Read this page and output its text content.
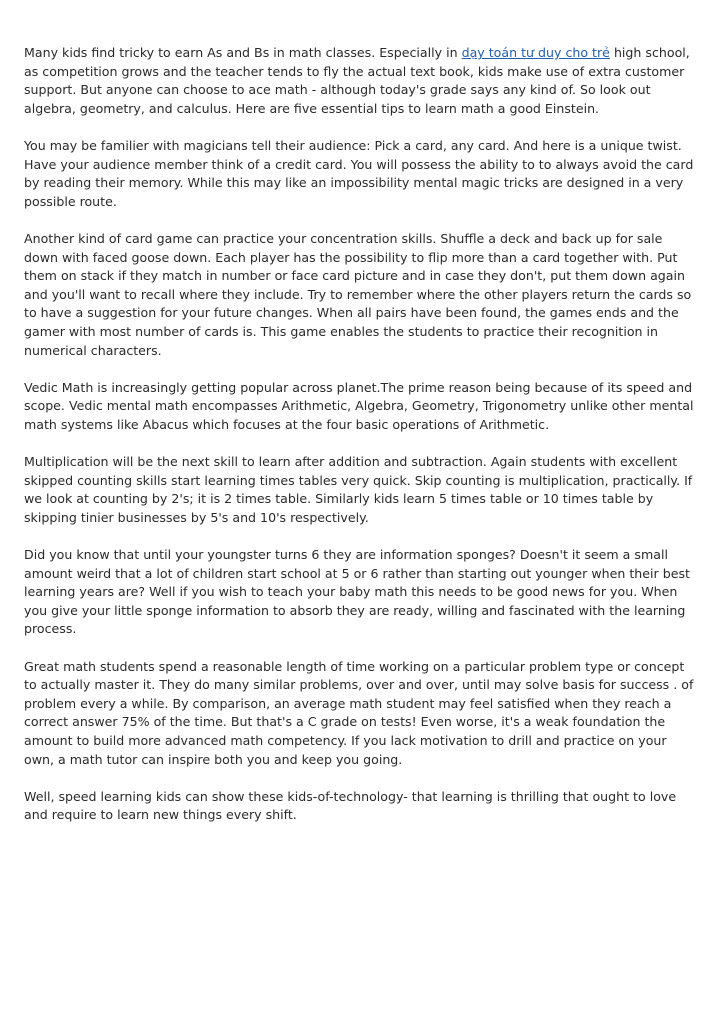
Many kids find tricky to earn As and Bs in math classes. Especially in dạy toán tư duy cho trẻ high school, as competition grows and the teacher tends to fly the actual text book, kids make use of extra customer support. But anyone can choose to ace math - although today's grade says any kind of. So look out algebra, geometry, and calculus. Here are five essential tips to learn math a good Einstein.

You may be familier with magicians tell their audience: Pick a card, any card. And here is a unique twist. Have your audience member think of a credit card. You will possess the ability to to always avoid the card by reading their memory. While this may like an impossibility mental magic tricks are designed in a very possible route.

Another kind of card game can practice your concentration skills. Shuffle a deck and back up for sale down with faced goose down. Each player has the possibility to flip more than a card together with. Put them on stack if they match in number or face card picture and in case they don't, put them down again and you'll want to recall where they include. Try to remember where the other players return the cards so to have a suggestion for your future changes. When all pairs have been found, the games ends and the gamer with most number of cards is. This game enables the students to practice their recognition in numerical characters.

Vedic Math is increasingly getting popular across planet.The prime reason being because of its speed and scope. Vedic mental math encompasses Arithmetic, Algebra, Geometry, Trigonometry unlike other mental math systems like Abacus which focuses at the four basic operations of Arithmetic.

Multiplication will be the next skill to learn after addition and subtraction. Again students with excellent skipped counting skills start learning times tables very quick. Skip counting is multiplication, practically. If we look at counting by 2's; it is 2 times table. Similarly kids learn 5 times table or 10 times table by skipping tinier businesses by 5's and 10's respectively.

Did you know that until your youngster turns 6 they are information sponges? Doesn't it seem a small amount weird that a lot of children start school at 5 or 6 rather than starting out younger when their best learning years are? Well if you wish to teach your baby math this needs to be good news for you. When you give your little sponge information to absorb they are ready, willing and fascinated with the learning process.

Great math students spend a reasonable length of time working on a particular problem type or concept to actually master it. They do many similar problems, over and over, until may solve basis for success . of problem every a while. By comparison, an average math student may feel satisfied when they reach a correct answer 75% of the time. But that's a C grade on tests! Even worse, it's a weak foundation the amount to build more advanced math competency. If you lack motivation to drill and practice on your own, a math tutor can inspire both you and keep you going.

Well, speed learning kids can show these kids-of-technology- that learning is thrilling that ought to love and require to learn new things every shift.
